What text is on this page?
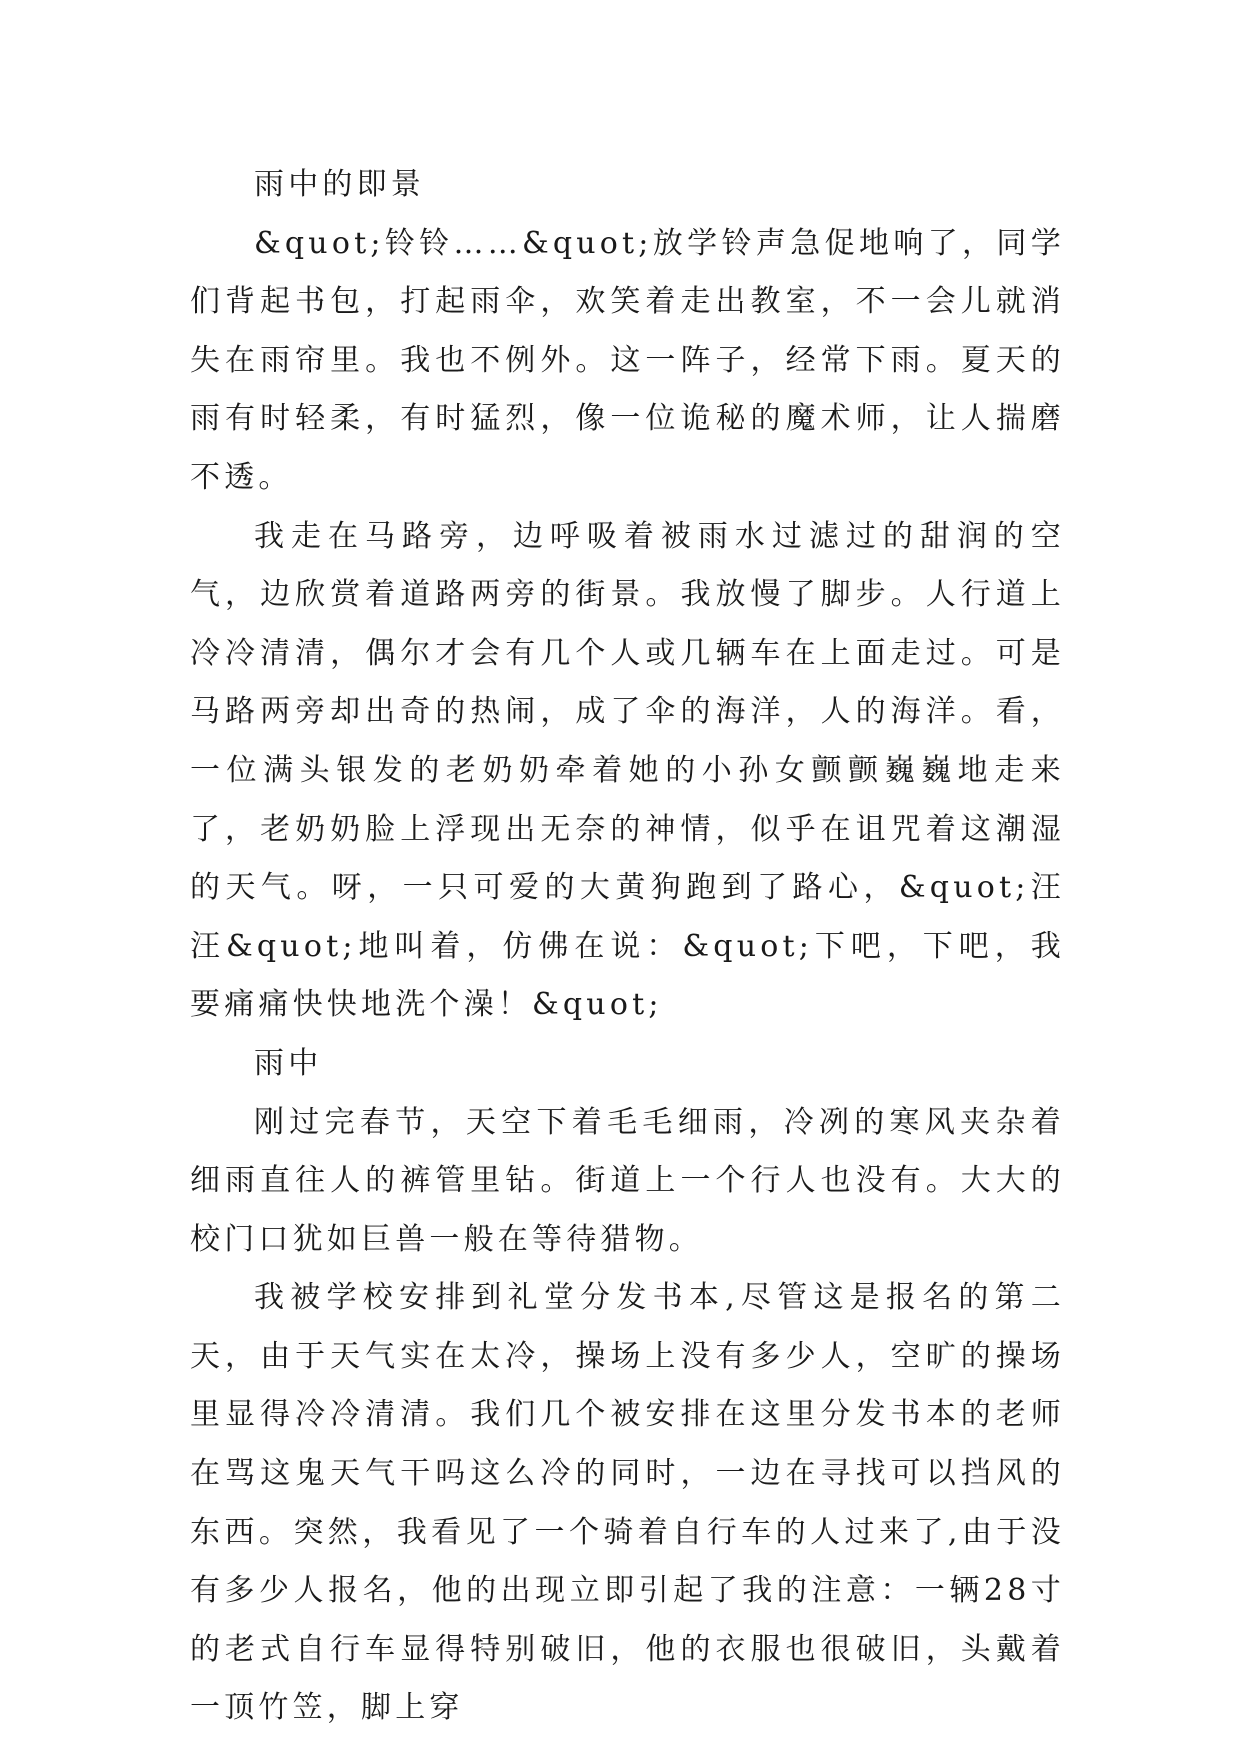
雨中的即景

&quot;铃铃……&quot;放学铃声急促地响了，同学们背起书包，打起雨伞，欢笑着走出教室，不一会儿就消失在雨帘里。我也不例外。这一阵子，经常下雨。夏天的雨有时轻柔，有时猛烈，像一位诡秘的魔术师，让人揣磨不透。

我走在马路旁，边呼吸着被雨水过滤过的甜润的空气，边欣赏着道路两旁的街景。我放慢了脚步。人行道上冷冷清清，偶尔才会有几个人或几辆车在上面走过。可是马路两旁却出奇的热闹，成了伞的海洋，人的海洋。看，一位满头银发的老奶奶牵着她的小孙女颤颤巍巍地走来了，老奶奶脸上浮现出无奈的神情，似乎在诅咒着这潮湿的天气。呀，一只可爱的大黄狗跑到了路心，&quot;汪汪&quot;地叫着，仿佛在说：&quot;下吧，下吧，我要痛痛快快地洗个澡！&quot;

雨中

刚过完春节，天空下着毛毛细雨，冷冽的寒风夹杂着细雨直往人的裤管里钻。街道上一个行人也没有。大大的校门口犹如巨兽一般在等待猎物。

我被学校安排到礼堂分发书本,尽管这是报名的第二天，由于天气实在太冷，操场上没有多少人，空旷的操场里显得冷冷清清。我们几个被安排在这里分发书本的老师在骂这鬼天气干吗这么冷的同时，一边在寻找可以挡风的东西。突然，我看见了一个骑着自行车的人过来了,由于没有多少人报名，他的出现立即引起了我的注意：一辆28寸的老式自行车显得特别破旧，他的衣服也很破旧，头戴着一顶竹笠，脚上穿
